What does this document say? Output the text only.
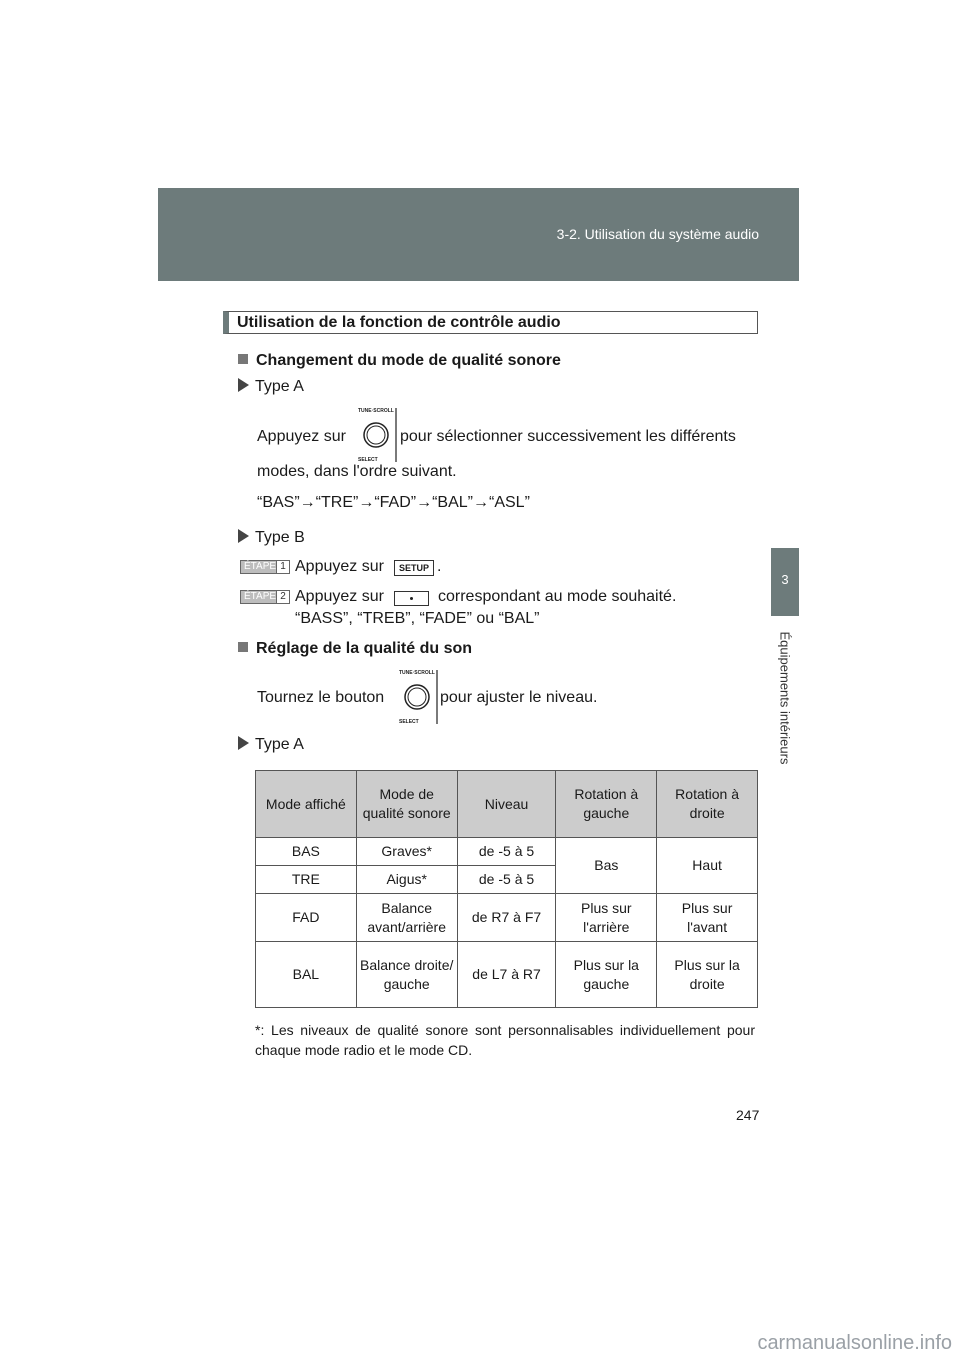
3-2. Utilisation du système audio
3
Équipements intérieurs
Utilisation de la fonction de contrôle audio
Changement du mode de qualité sonore
Type A
Appuyez sur
TUNE·SCROLL
SELECT
pour sélectionner successivement les différents
modes, dans l'ordre suivant.
“BAS”→“TRE”→“FAD”→“BAL”→“ASL”
Type B
ÉTAPE 1 Appuyez sur	SETUP .
ÉTAPE 2 Appuyez sur	correspondant au mode souhaité.
“BASS”, “TREB”, “FADE” ou “BAL”
Réglage de la qualité du son
Tournez le bouton
TUNE·SCROLL
SELECT
pour ajuster le niveau.
Type A
Mode affiché	Mode de qualité sonore	Niveau	Rotation à gauche	Rotation à droite
BAS	Graves*	de -5 à 5	Bas	Haut
TRE	Aigus*	de -5 à 5		
FAD	Balance avant/arrière	de R7 à F7	Plus sur l'arrière	Plus sur l'avant
BAL	Balance droite/ gauche	de L7 à R7	Plus sur la gauche	Plus sur la droite
*: Les niveaux de qualité sonore sont personnalisables individuellement pour chaque mode radio et le mode CD.
247
carmanualsonline.info
